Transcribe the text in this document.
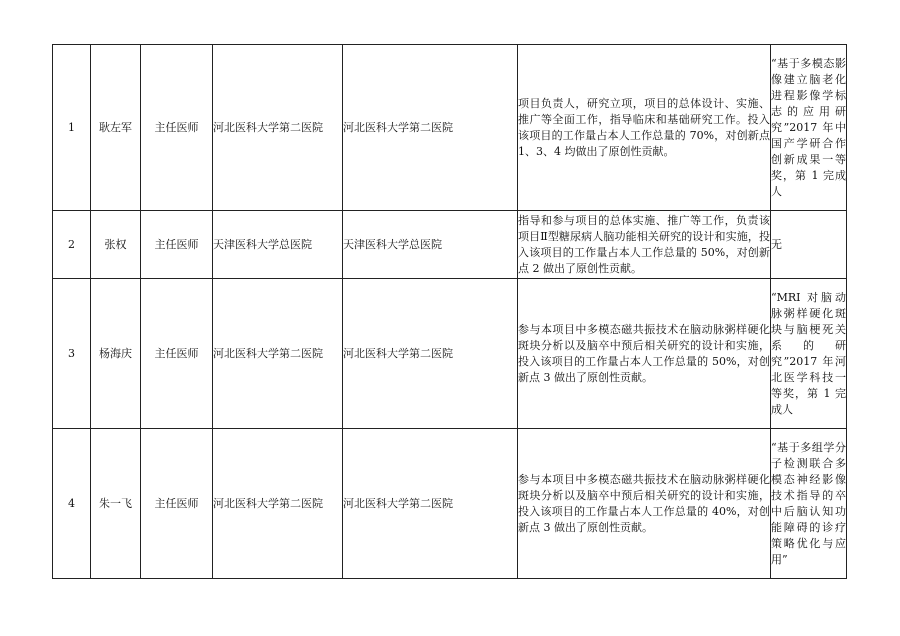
1	耿左军	主任医师	河北医科大学第二医院	河北医科大学第二医院	项目负责人，研究立项，项目的总体设计、实施、推广等全面工作，指导临床和基础研究工作。投入该项目的工作量占本人工作总量的 70%，对创新点 1、3、4 均做出了原创性贡献。	“基于多模态影像建立脑老化进程影像学标志的应用研究”2017 年中国产学研合作创新成果一等奖，第 1 完成人
2	张权	主任医师	天津医科大学总医院	天津医科大学总医院	指导和参与项目的总体实施、推广等工作，负责该项目Ⅱ型糖尿病人脑功能相关研究的设计和实施，投入该项目的工作量占本人工作总量的 50%，对创新点 2 做出了原创性贡献。	无
3	杨海庆	主任医师	河北医科大学第二医院	河北医科大学第二医院	参与本项目中多模态磁共振技术在脑动脉粥样硬化斑块分析以及脑卒中预后相关研究的设计和实施，投入该项目的工作量占本人工作总量的 50%，对创新点 3 做出了原创性贡献。	“MRI 对脑动脉粥样硬化斑块与脑梗死关系的研究”2017 年河北医学科技一等奖，第 1 完成人
4	朱一飞	主任医师	河北医科大学第二医院	河北医科大学第二医院	参与本项目中多模态磁共振技术在脑动脉粥样硬化斑块分析以及脑卒中预后相关研究的设计和实施，投入该项目的工作量占本人工作总量的 40%，对创新点 3 做出了原创性贡献。	“基于多组学分子检测联合多模态神经影像技术指导的卒中后脑认知功能障碍的诊疗策略优化与应用”
